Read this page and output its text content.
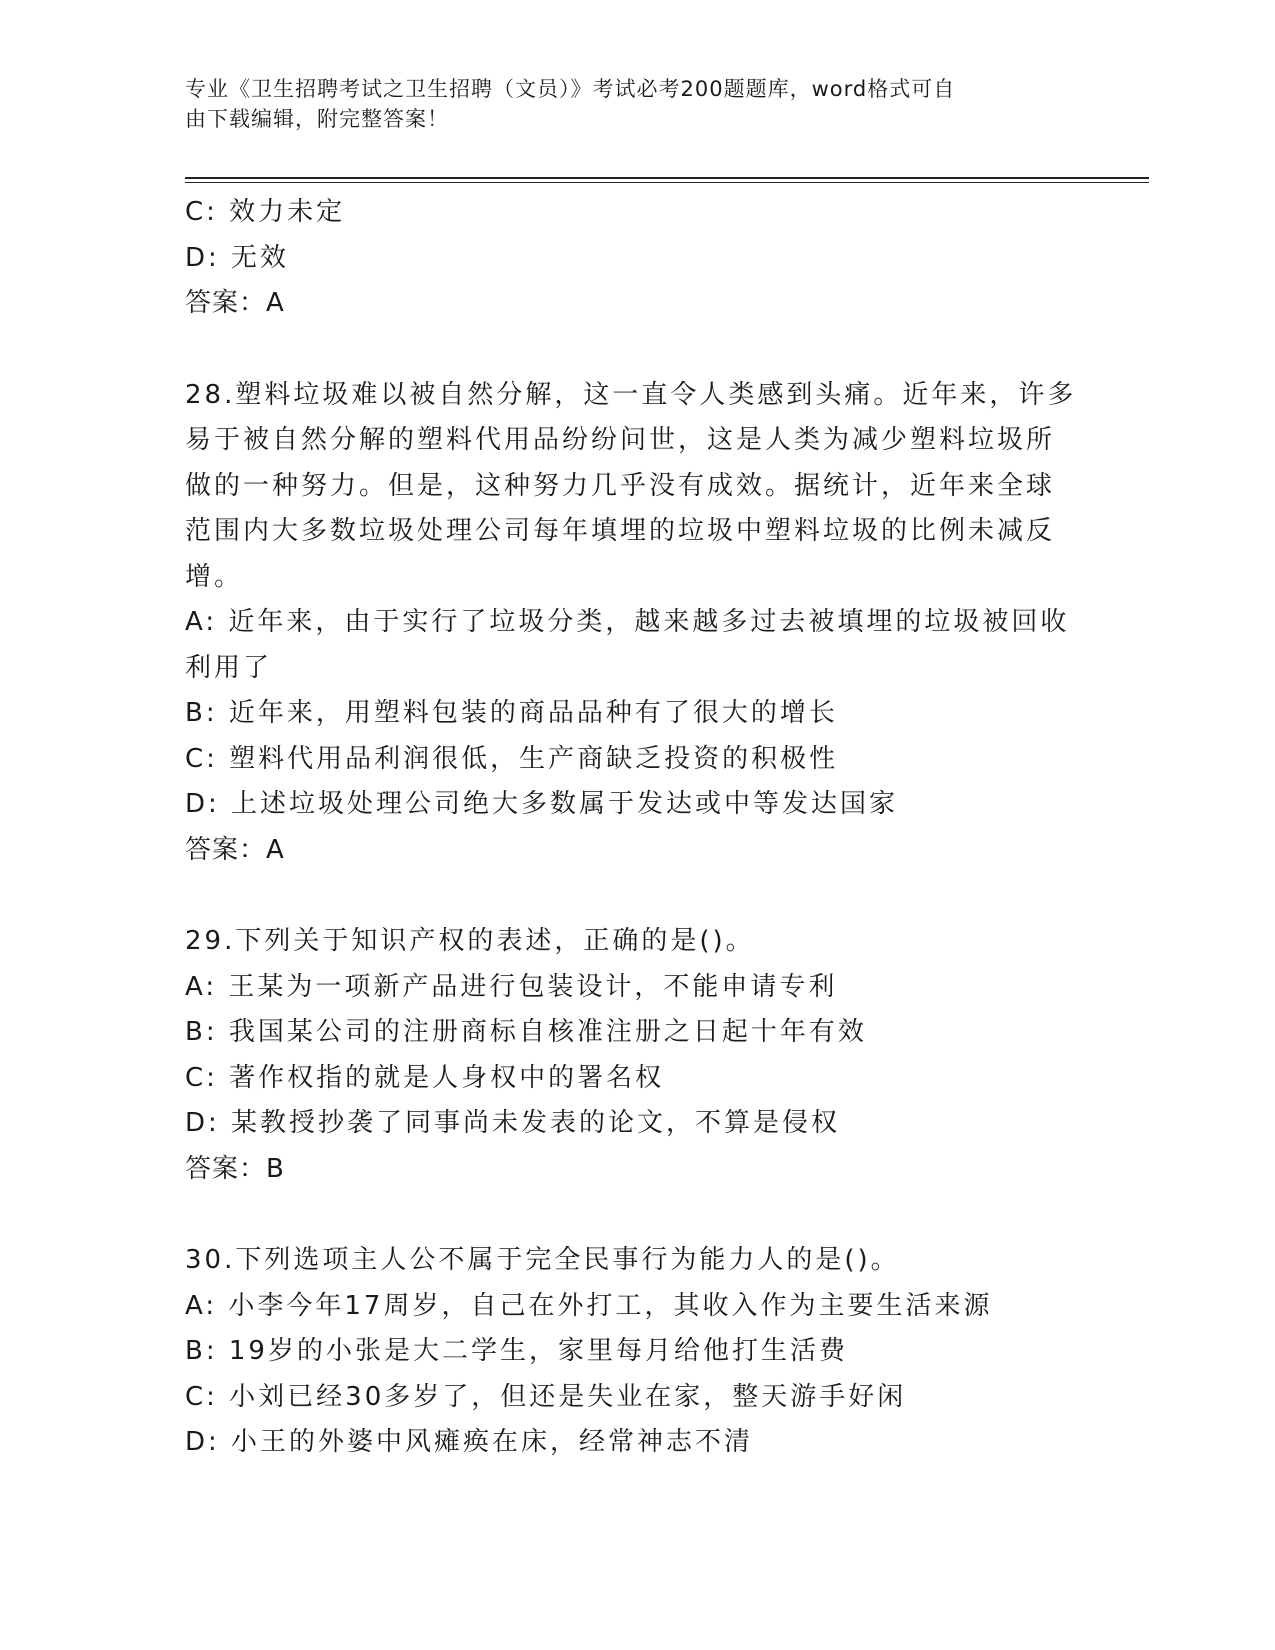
专业《卫生招聘考试之卫生招聘（文员）》考试必考200题题库，word格式可自
由下载编辑，附完整答案！
C: 效力未定
D: 无效
答案：A
28.塑料垃圾难以被自然分解，这一直令人类感到头痛。近年来，许多
易于被自然分解的塑料代用品纷纷问世，这是人类为减少塑料垃圾所
做的一种努力。但是，这种努力几乎没有成效。据统计，近年来全球
范围内大多数垃圾处理公司每年填埋的垃圾中塑料垃圾的比例未减反
增。
A: 近年来，由于实行了垃圾分类，越来越多过去被填埋的垃圾被回收
利用了
B: 近年来，用塑料包装的商品品种有了很大的增长
C: 塑料代用品利润很低，生产商缺乏投资的积极性
D: 上述垃圾处理公司绝大多数属于发达或中等发达国家
答案：A
29.下列关于知识产权的表述，正确的是()。
A: 王某为一项新产品进行包装设计，不能申请专利
B: 我国某公司的注册商标自核准注册之日起十年有效
C: 著作权指的就是人身权中的署名权
D: 某教授抄袭了同事尚未发表的论文，不算是侵权
答案：B
30.下列选项主人公不属于完全民事行为能力人的是()。
A: 小李今年17周岁，自己在外打工，其收入作为主要生活来源
B: 19岁的小张是大二学生，家里每月给他打生活费
C: 小刘已经30多岁了，但还是失业在家，整天游手好闲
D: 小王的外婆中风瘫痪在床，经常神志不清
